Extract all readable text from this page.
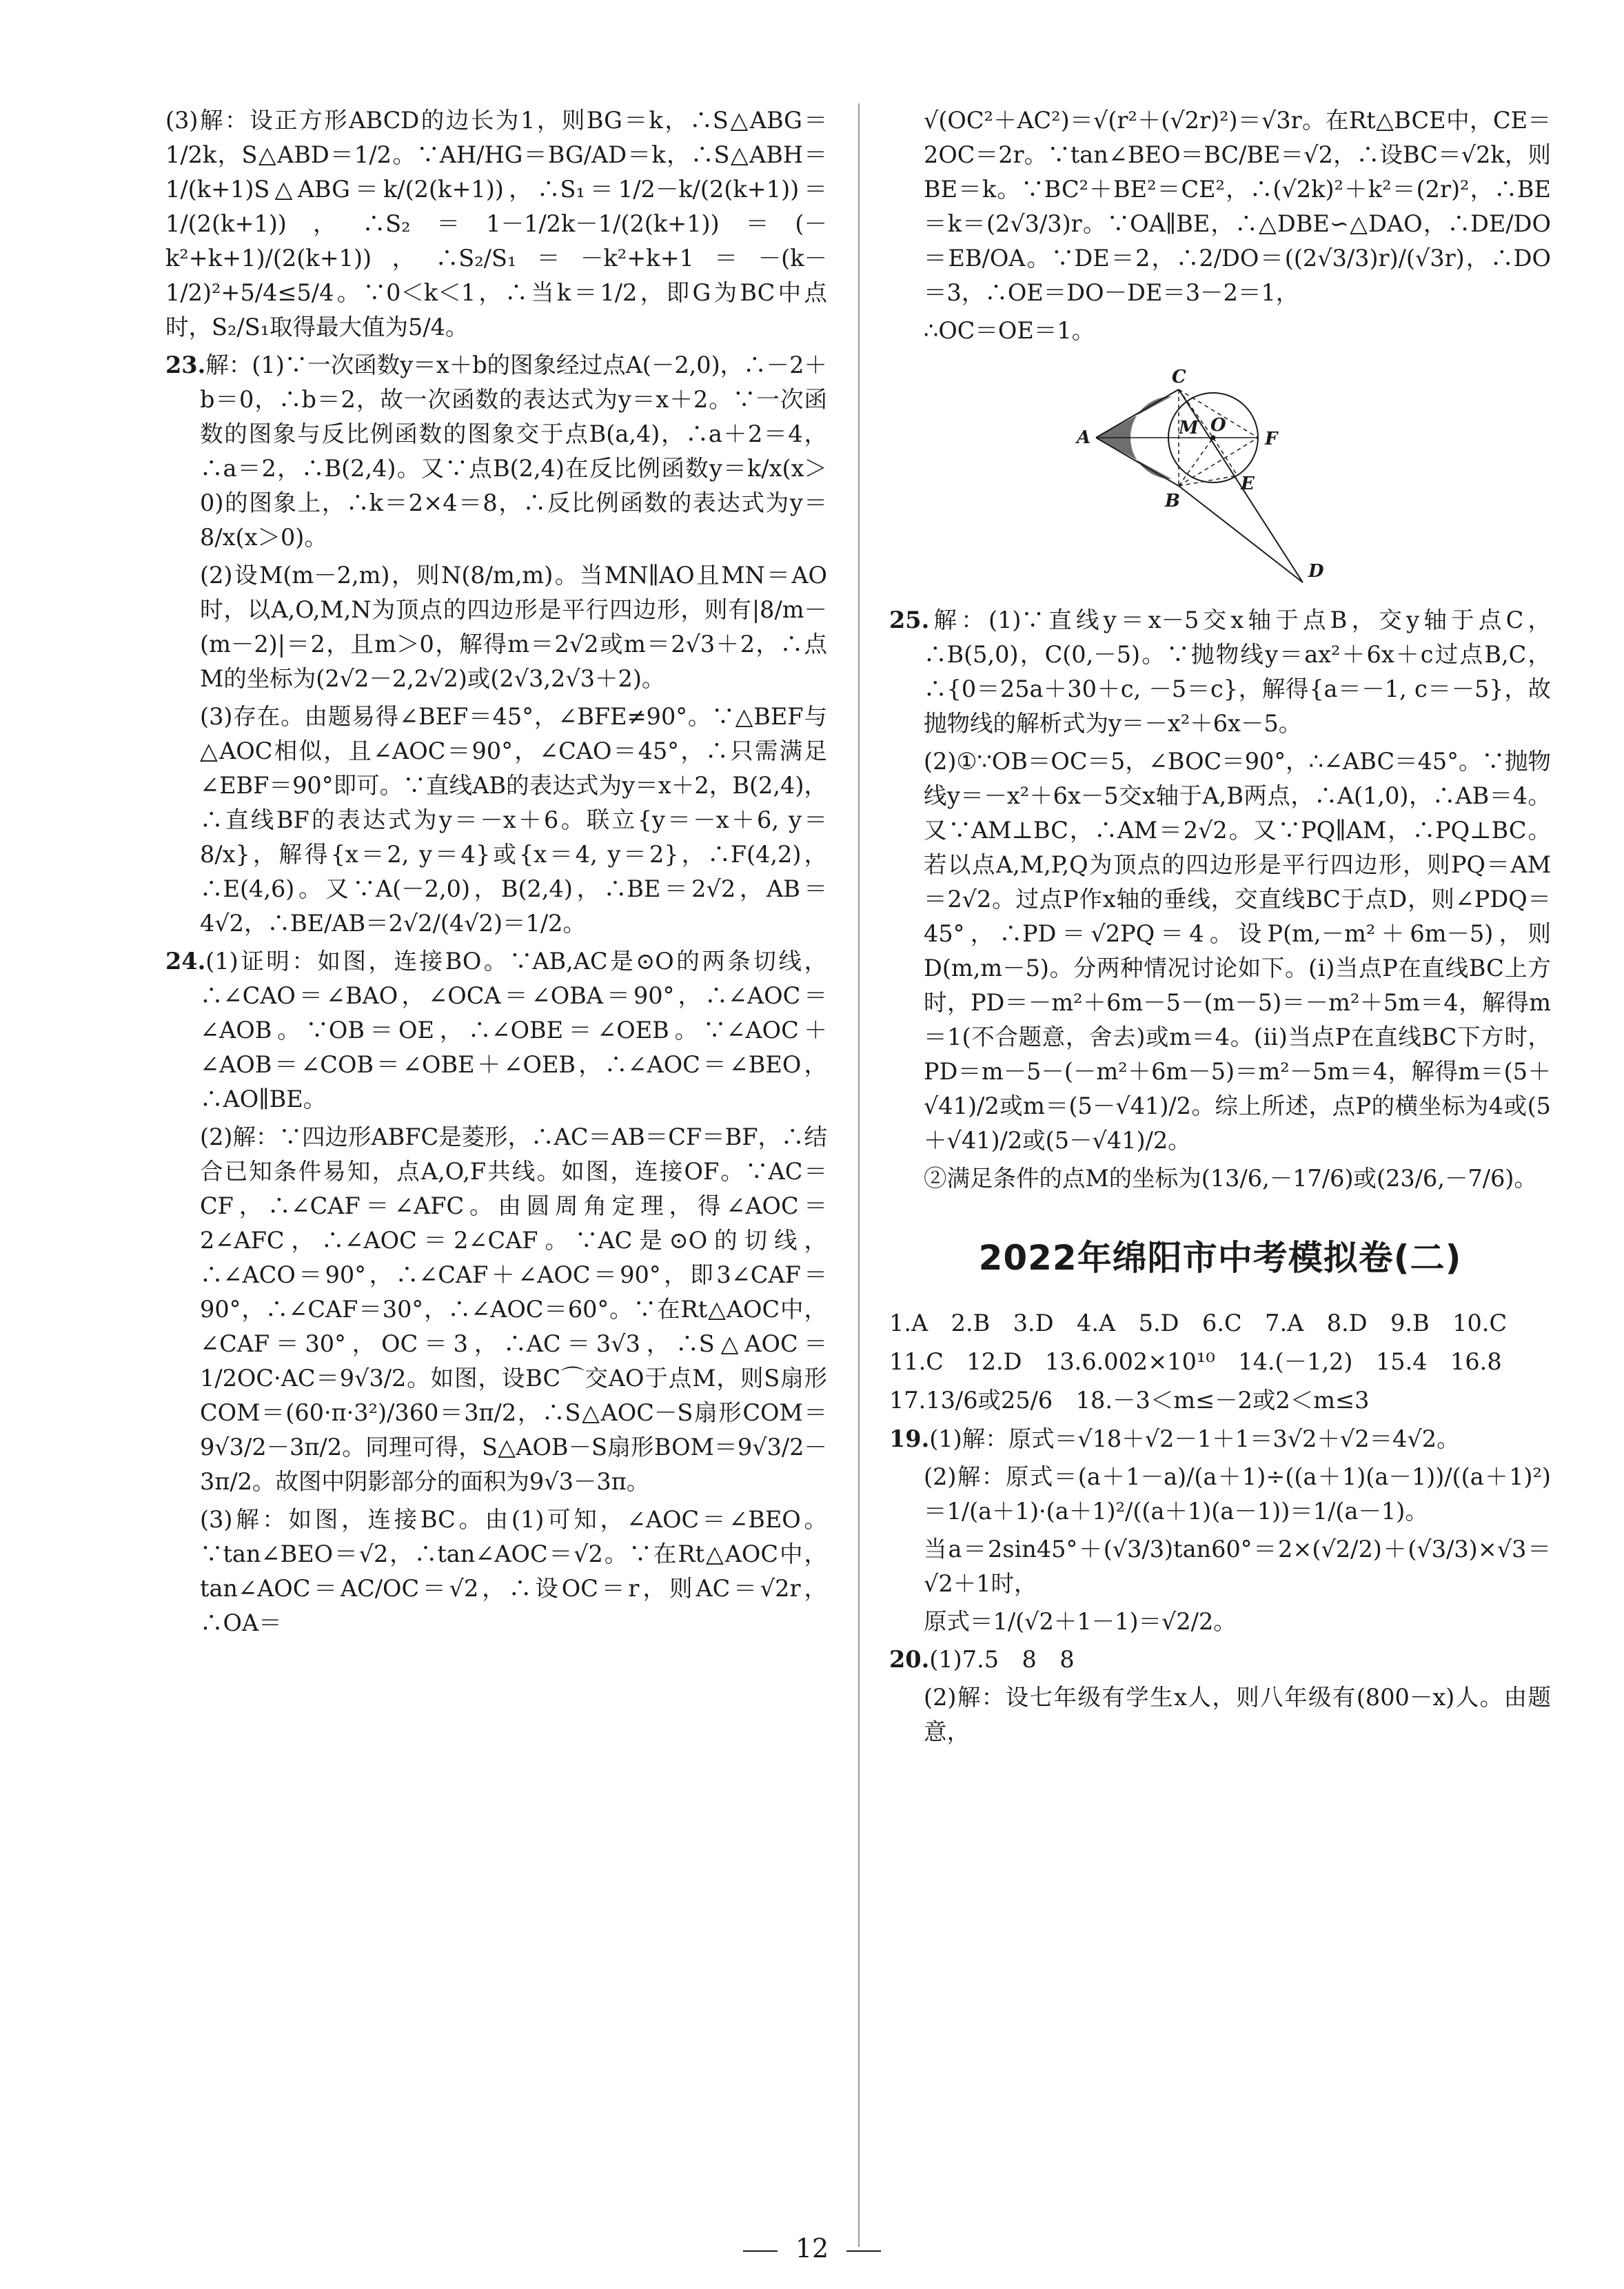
(3)解：设正方形ABCD的边长为1，则BG＝k，∴S△ABG＝1/2k，S△ABD＝1/2。∵AH/HG＝BG/AD＝k，∴S△ABH＝1/(k+1)S△ABG＝k/(2(k+1))，∴S₁＝1/2－k/(2(k+1))＝1/(2(k+1))，∴S₂＝1－1/2k－1/(2(k+1))＝(－k²+k+1)/(2(k+1))，∴S₂/S₁＝－k²+k+1＝－(k－1/2)²+5/4≤5/4。∵0＜k＜1，∴当k＝1/2，即G为BC中点时，S₂/S₁取得最大值为5/4。

23.解：(1)∵一次函数y＝x＋b的图象经过点A(－2,0)，∴－2＋b＝0，∴b＝2，故一次函数的表达式为y＝x＋2。∵一次函数的图象与反比例函数的图象交于点B(a,4)，∴a＋2＝4，∴a＝2，∴B(2,4)。又∵点B(2,4)在反比例函数y＝k/x(x＞0)的图象上，∴k＝2×4＝8，∴反比例函数的表达式为y＝8/x(x＞0)。

(2)设M(m－2,m)，则N(8/m,m)。当MN∥AO且MN＝AO时，以A,O,M,N为顶点的四边形是平行四边形，则有|8/m－(m－2)|＝2，且m＞0，解得m＝2√2或m＝2√3＋2，∴点M的坐标为(2√2－2,2√2)或(2√3,2√3＋2)。

(3)存在。由题易得∠BEF＝45°，∠BFE≠90°。∵△BEF与△AOC相似，且∠AOC＝90°，∠CAO＝45°，∴只需满足∠EBF＝90°即可。∵直线AB的表达式为y＝x＋2，B(2,4)，∴直线BF的表达式为y＝－x＋6。联立{y＝－x＋6, y＝8/x}，解得{x＝2, y＝4}或{x＝4, y＝2}，∴F(4,2)，∴E(4,6)。又∵A(－2,0)，B(2,4)，∴BE＝2√2，AB＝4√2，∴BE/AB＝2√2/(4√2)＝1/2。

24.(1)证明：如图，连接BO。∵AB,AC是⊙O的两条切线，∴∠CAO＝∠BAO，∠OCA＝∠OBA＝90°，∴∠AOC＝∠AOB。∵OB＝OE，∴∠OBE＝∠OEB。∵∠AOC＋∠AOB＝∠COB＝∠OBE＋∠OEB，∴∠AOC＝∠BEO，∴AO∥BE。

(2)解：∵四边形ABFC是菱形，∴AC＝AB＝CF＝BF，∴结合已知条件易知，点A,O,F共线。如图，连接OF。∵AC＝CF，∴∠CAF＝∠AFC。由圆周角定理，得∠AOC＝2∠AFC，∴∠AOC＝2∠CAF。∵AC是⊙O的切线，∴∠ACO＝90°，∴∠CAF＋∠AOC＝90°，即3∠CAF＝90°，∴∠CAF＝30°，∴∠AOC＝60°。∵在Rt△AOC中，∠CAF＝30°，OC＝3，∴AC＝3√3，∴S△AOC＝1/2OC·AC＝9√3/2。如图，设BC⌒交AO于点M，则S扇形COM＝(60·π·3²)/360＝3π/2，∴S△AOC－S扇形COM＝9√3/2－3π/2。同理可得，S△AOB－S扇形BOM＝9√3/2－3π/2。故图中阴影部分的面积为9√3－3π。

(3)解：如图，连接BC。由(1)可知，∠AOC＝∠BEO。∵tan∠BEO＝√2，∴tan∠AOC＝√2。∵在Rt△AOC中，tan∠AOC＝AC/OC＝√2，∴设OC＝r，则AC＝√2r，∴OA＝

√(OC²＋AC²)＝√(r²＋(√2r)²)＝√3r。在Rt△BCE中，CE＝2OC＝2r。∵tan∠BEO＝BC/BE＝√2，∴设BC＝√2k，则BE＝k。∵BC²＋BE²＝CE²，∴(√2k)²＋k²＝(2r)²，∴BE＝k＝(2√3/3)r。∵OA∥BE，∴△DBE∽△DAO，∴DE/DO＝EB/OA。∵DE＝2，∴2/DO＝((2√3/3)r)/(√3r)，∴DO＝3，∴OE＝DO－DE＝3－2＝1，

∴OC＝OE＝1。

A
C
M O
F
E
B
D

25.解：(1)∵直线y＝x－5交x轴于点B，交y轴于点C，∴B(5,0)，C(0,－5)。∵抛物线y＝ax²＋6x＋c过点B,C，∴{0＝25a＋30＋c, －5＝c}，解得{a＝－1, c＝－5}，故抛物线的解析式为y＝－x²＋6x－5。

(2)①∵OB＝OC＝5，∠BOC＝90°，∴∠ABC＝45°。∵抛物线y＝－x²＋6x－5交x轴于A,B两点，∴A(1,0)，∴AB＝4。又∵AM⊥BC，∴AM＝2√2。又∵PQ∥AM，∴PQ⊥BC。若以点A,M,P,Q为顶点的四边形是平行四边形，则PQ＝AM＝2√2。过点P作x轴的垂线，交直线BC于点D，则∠PDQ＝45°，∴PD＝√2PQ＝4。设P(m,－m²＋6m－5)，则D(m,m－5)。分两种情况讨论如下。(ⅰ)当点P在直线BC上方时，PD＝－m²＋6m－5－(m－5)＝－m²＋5m＝4，解得m＝1(不合题意，舍去)或m＝4。(ⅱ)当点P在直线BC下方时，PD＝m－5－(－m²＋6m－5)＝m²－5m＝4，解得m＝(5＋√41)/2或m＝(5－√41)/2。综上所述，点P的横坐标为4或(5＋√41)/2或(5－√41)/2。

②满足条件的点M的坐标为(13/6,－17/6)或(23/6,－7/6)。

2022年绵阳市中考模拟卷(二)

1.A　2.B　3.D　4.A　5.D　6.C　7.A　8.D　9.B　10.C

11.C　12.D　13.6.002×10¹⁰　14.(－1,2)　15.4　16.8

17.13/6或25/6　18.－3＜m≤－2或2＜m≤3

19.(1)解：原式＝√18＋√2－1＋1＝3√2＋√2＝4√2。

(2)解：原式＝(a＋1－a)/(a＋1)÷((a＋1)(a－1))/((a＋1)²)＝1/(a＋1)·(a＋1)²/((a＋1)(a－1))＝1/(a－1)。

当a＝2sin45°＋(√3/3)tan60°＝2×(√2/2)＋(√3/3)×√3＝√2＋1时，

原式＝1/(√2＋1－1)＝√2/2。

20.(1)7.5　8　8

(2)解：设七年级有学生x人，则八年级有(800－x)人。由题意，

12
